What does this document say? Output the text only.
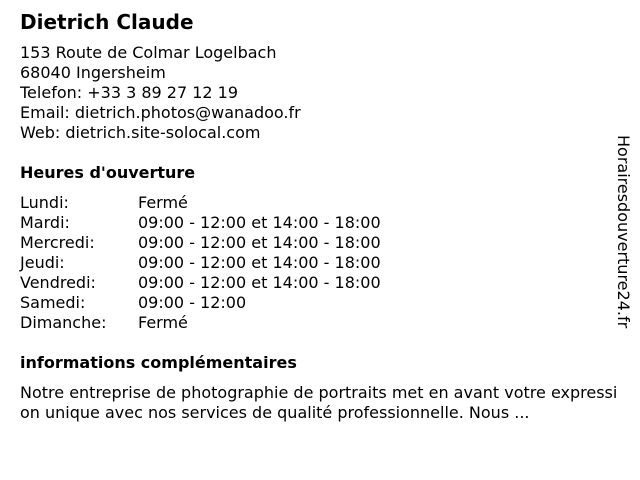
Dietrich Claude
153 Route de Colmar Logelbach
68040 Ingersheim
Telefon: +33 3 89 27 12 19
Email: dietrich.photos@wanadoo.fr
Web: dietrich.site-solocal.com
Heures d'ouverture
Lundi:	Fermé
Mardi:	09:00 - 12:00 et 14:00 - 18:00
Mercredi:	09:00 - 12:00 et 14:00 - 18:00
Jeudi:	09:00 - 12:00 et 14:00 - 18:00
Vendredi:	09:00 - 12:00 et 14:00 - 18:00
Samedi:	09:00 - 12:00
Dimanche:	Fermé
informations complémentaires
Notre entreprise de photographie de portraits met en avant votre expression unique avec nos services de qualité professionnelle. Nous ...
Horairesdouverture24.fr
